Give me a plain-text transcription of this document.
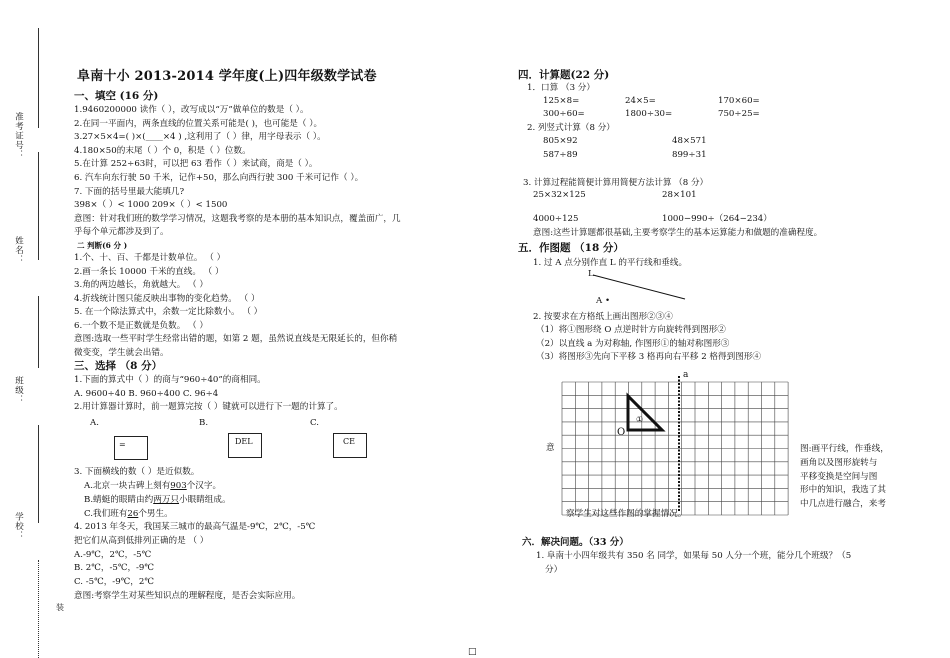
准考证号：
姓名：
班级：
学校：
装
阜南十小 2013-2014 学年度(上)四年级数学试卷
一、填空 (16 分)
1.9460200000 读作（ ），改写成以“万”做单位的数是（ ）。
2.在同一平面内，两条直线的位置关系可能是( )，也可能是（ ）。
3.27×5×4=( )×(____×4 ) ,这利用了（ ）律，用字母表示（ ）。
4.180×50的末尾（ ）个 0，积是（ ）位数。
5.在计算 252÷63时，可以把 63 看作（ ）来试商，商是（ ）。
6. 汽车向东行驶 50 千米，记作+50，那么向西行驶 300 千米可记作（ ）。
7. 下面的括号里最大能填几?
398×（ ）< 1000 209×（ ）< 1500
意图：针对我们班的数学学习情况，这题我考察的是本册的基本知识点，覆盖面广，几
乎每个单元都涉及到了。
二 判断(6 分 )
1.个、十、百、千都是计数单位。 （ ）
2.画一条长 10000 千米的直线。 （ ）
3.角的两边越长，角就越大。 （ ）
4.折线统计图只能反映出事物的变化趋势。 （ ）
5. 在一个除法算式中，余数一定比除数小。 （ ）
6.一个数不是正数就是负数。 （ ）
意图:选取一些平时学生经常出错的题，如第 2 题，虽然说直线是无限延长的，但你稍
微变变，学生就会出错。
三、选择 （8 分）
1.下面的算式中（ ）的商与“960÷40”的商相同。
A. 9600÷40 B. 960÷400 C. 96÷4
2.用计算器计算时，前一题算完按（ ）键就可以进行下一题的计算了。
A.	B.	C.
=	DEL	CE
3. 下面横线的数（ ）是近似数。
A.北京一块古碑上刻有903个汉字。
B.蜻蜓的眼睛由约两万只小眼睛组成。
C.我们班有26个男生。
4. 2013 年冬天，我国某三城市的最高气温是-9℃，2℃，-5℃
把它们从高到低排列正确的是 （ ）
A.-9℃，2℃，-5℃
B. 2℃，-5℃，-9℃
C. -5℃，-9℃，2℃
意图:考察学生对某些知识点的理解程度，是否会实际应用。
四．计算题(22 分)
1．口算 （3 分）
125×8=	24×5=	170×60=
300÷60=	1800÷30=	750÷25=
2. 列竖式计算（8 分）
805×92	48×571
587÷89	899÷31
3. 计算过程能简便计算用简便方法计算 （8 分）
25×32×125	28×101
4000÷125	1000−990÷（264−234）
意图:这些计算题都很基础,主要考察学生的基本运算能力和做题的准确程度。
五．作图题 （18 分）
1. 过 A 点分别作直 L 的平行线和垂线。
L
A •
2. 按要求在方格纸上画出图形②③④
（1）将①图形绕 O 点逆时针方向旋转得到图形②
（2）以直线 a 为对称轴, 作图形①的轴对称图形③
（3）将图形③先向下平移 3 格再向右平移 2 格得到图形④
a
①
O
意	图:画平行线，作垂线，
画角以及图形旋转与
平移变换是空间与图
形中的知识，我选了其
中几点进行融合，来考
察学生对这些作图的掌握情况。
六．解决问题。（33 分）
1. 阜南十小四年级共有 350 名 同学，如果每 50 人分一个班，能分几个班级？（5
分）
□
